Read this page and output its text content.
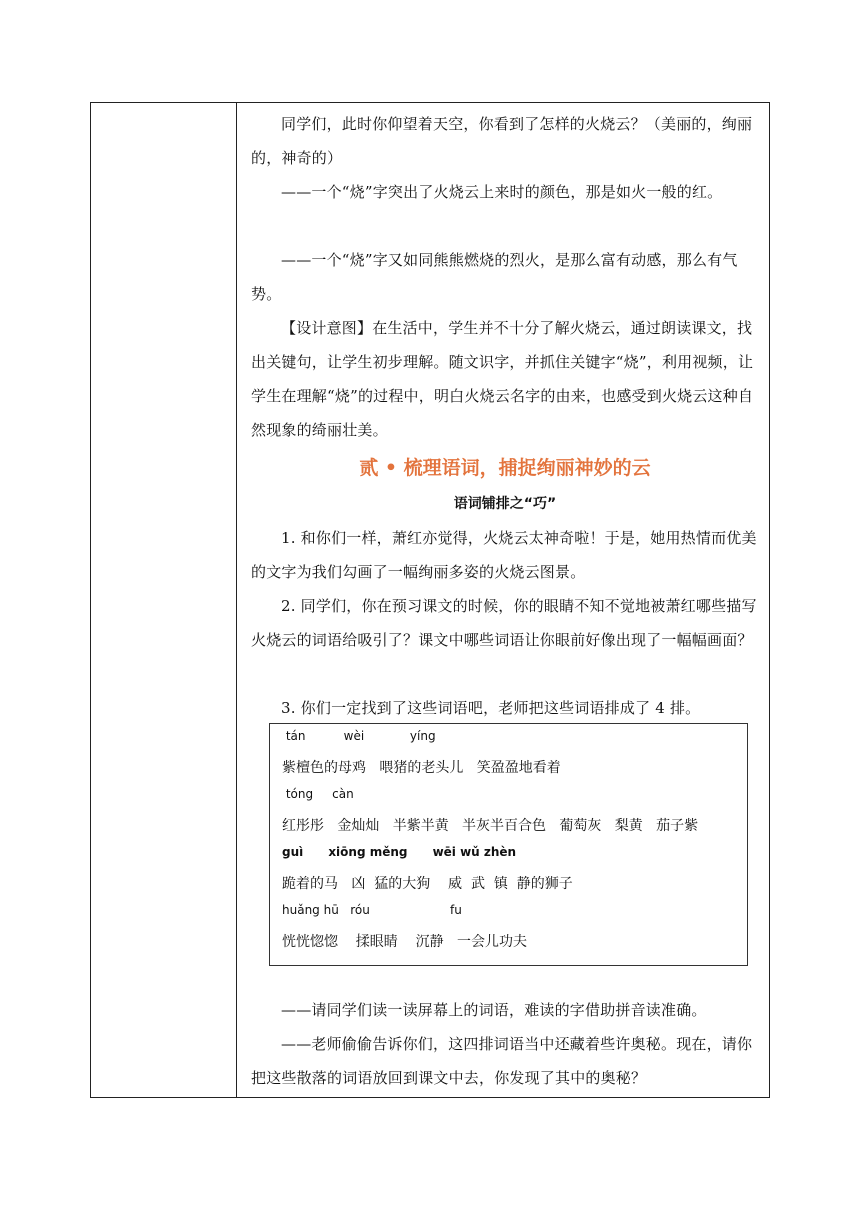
同学们，此时你仰望着天空，你看到了怎样的火烧云？（美丽的，绚丽的，神奇的）
——一个“烧”字突出了火烧云上来时的颜色，那是如火一般的红。
——一个“烧”字又如同熊熊燃烧的烈火，是那么富有动感，那么有气势。
【设计意图】在生活中，学生并不十分了解火烧云，通过朗读课文，找出关键句，让学生初步理解。随文识字，并抓住关键字“烧”，利用视频，让学生在理解“烧”的过程中，明白火烧云名字的由来，也感受到火烧云这种自然现象的绮丽壮美。
贰 • 梳理语词，捕捉绚丽神妙的云
语词铺排之“巧”
1. 和你们一样，萧红亦觉得，火烧云太神奇啦！于是，她用热情而优美的文字为我们勾画了一幅绚丽多姿的火烧云图景。
2. 同学们，你在预习课文的时候，你的眼睛不知不觉地被萧红哪些描写火烧云的词语给吸引了？课文中哪些词语让你眼前好像出现了一幅幅画面？
3. 你们一定找到了这些词语吧，老师把这些词语排成了 4 排。
tán          wèi            yíng
紫檀色的母鸡   喂猪的老头儿   笑盈盈地看着
tóng     càn
红彤彤   金灿灿   半紫半黄   半灰半百合色   葡萄灰   梨黄   茄子紫
guì      xiōng měng      wēi wǔ zhèn
跪着的马   凶  猛的大狗    威  武  镇  静的狮子
huǎng hū   róu                     fu
恍恍惚惚    揉眼睛    沉静   一会儿功夫
——请同学们读一读屏幕上的词语，难读的字借助拼音读准确。
——老师偷偷告诉你们，这四排词语当中还藏着些许奥秘。现在，请你把这些散落的词语放回到课文中去，你发现了其中的奥秘？
